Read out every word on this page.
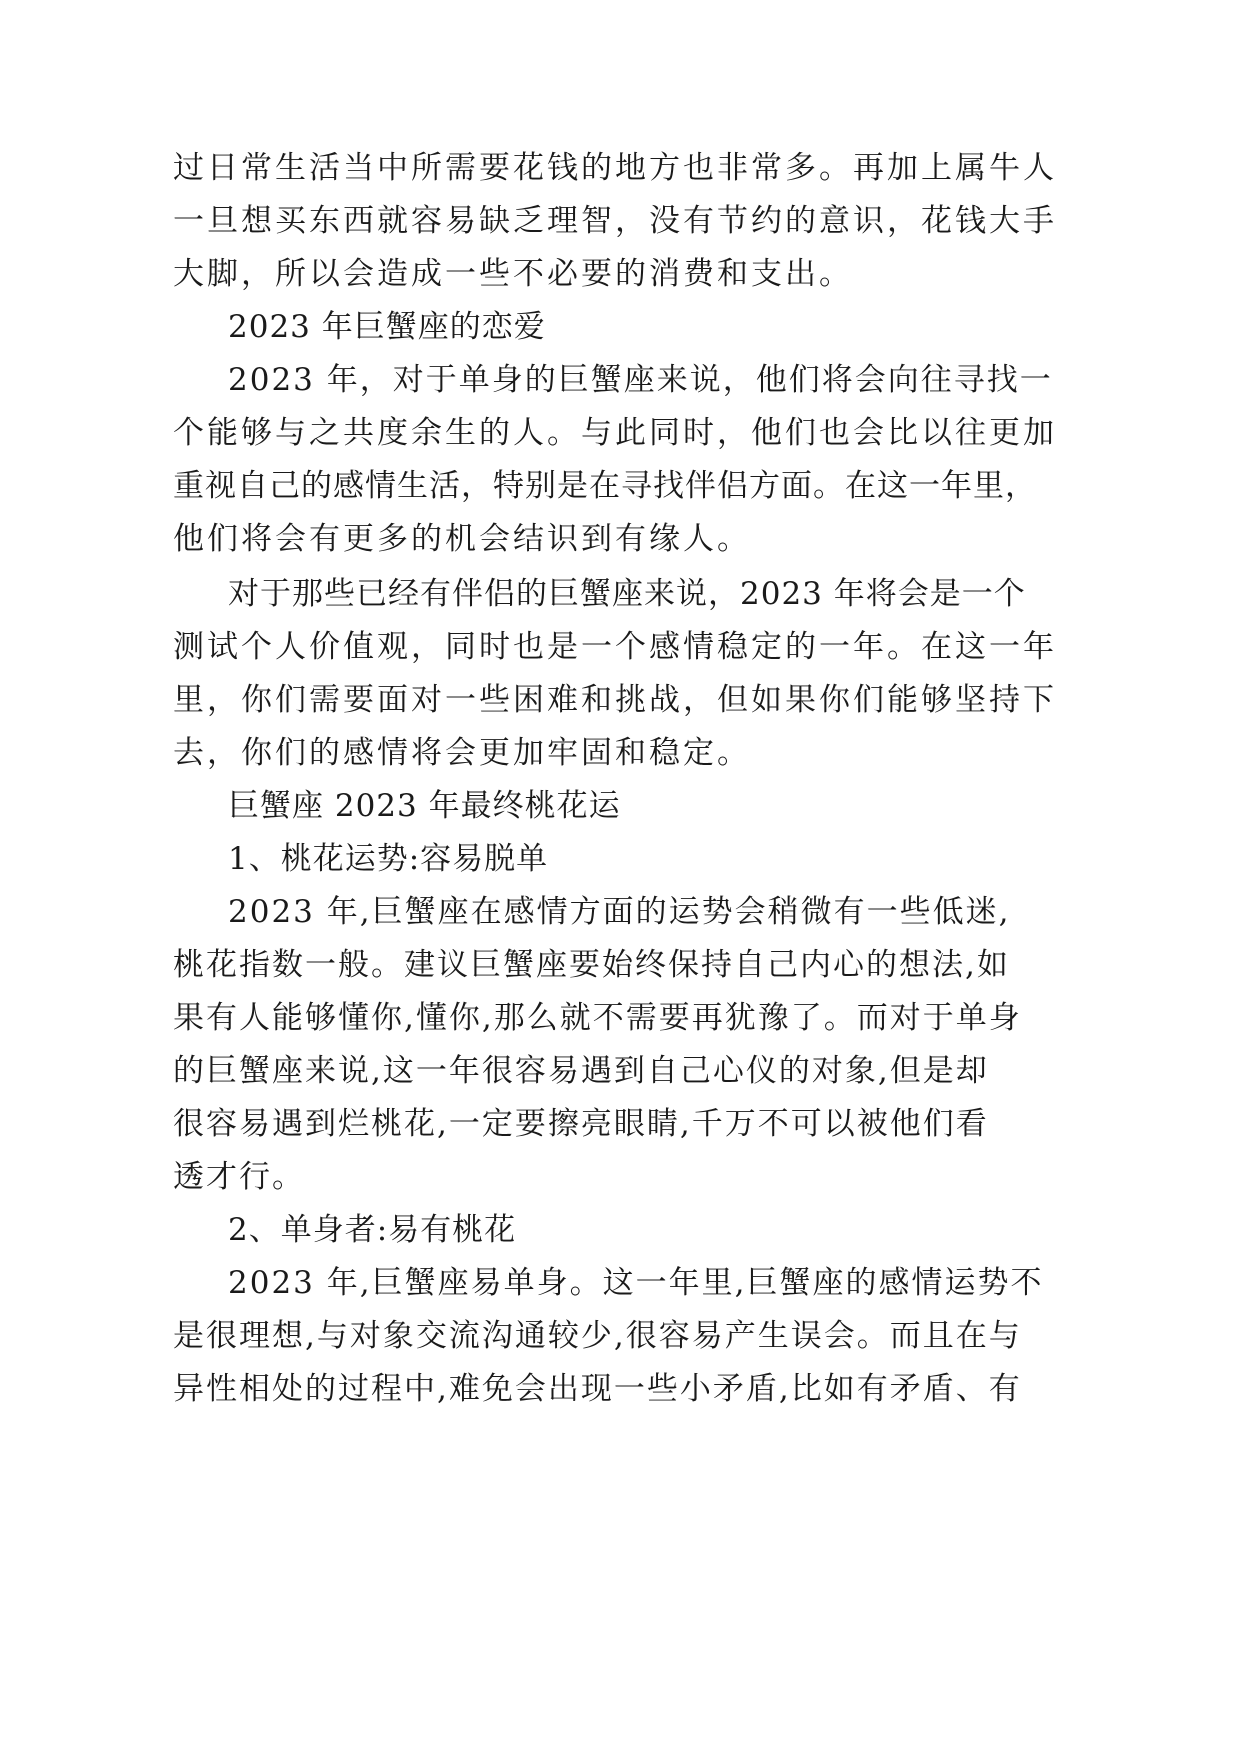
过日常生活当中所需要花钱的地方也非常多。再加上属牛人
一旦想买东西就容易缺乏理智，没有节约的意识，花钱大手
大脚，所以会造成一些不必要的消费和支出。
2023 年巨蟹座的恋爱
2023 年，对于单身的巨蟹座来说，他们将会向往寻找一
个能够与之共度余生的人。与此同时，他们也会比以往更加
重视自己的感情生活，特别是在寻找伴侣方面。在这一年里，
他们将会有更多的机会结识到有缘人。
对于那些已经有伴侣的巨蟹座来说，2023 年将会是一个
测试个人价值观，同时也是一个感情稳定的一年。在这一年
里，你们需要面对一些困难和挑战，但如果你们能够坚持下
去，你们的感情将会更加牢固和稳定。
巨蟹座 2023 年最终桃花运
1、桃花运势:容易脱单
2023 年,巨蟹座在感情方面的运势会稍微有一些低迷,
桃花指数一般。建议巨蟹座要始终保持自己内心的想法,如
果有人能够懂你,懂你,那么就不需要再犹豫了。而对于单身
的巨蟹座来说,这一年很容易遇到自己心仪的对象,但是却
很容易遇到烂桃花,一定要擦亮眼睛,千万不可以被他们看
透才行。
2、单身者:易有桃花
2023 年,巨蟹座易单身。这一年里,巨蟹座的感情运势不
是很理想,与对象交流沟通较少,很容易产生误会。而且在与
异性相处的过程中,难免会出现一些小矛盾,比如有矛盾、有
